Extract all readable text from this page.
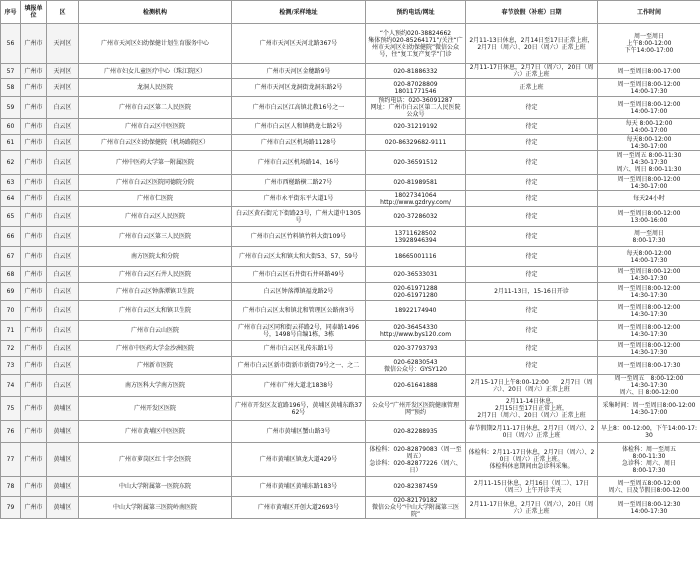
序号	填报单位	区	检测机构	检测/采样地址	预约电话/网址	春节放假（补班）日期	工作时间
56	广州市	天河区	广州市天河区妇幼保健计划生育服务中心	广州市天河区天河北路367号	“个人预约020-38824662
集体预约020-85264171”/关注“广州市天河区妇幼保健院”微信公众号，往“复工复产复学”门诊	2月11-13日休息，2月14日至17日正常上班，2月7日（周六）、20日（周六）正常上班	周一至周日
上午8:00-12:00
下午14:00-17:00
57	广州市	天河区	广州市妇女儿童医疗中心（珠江院区）	广州市天河区金穗路9号	020-81886332	2月11-17日休息，2月7日（周六），20日（周六）正常上班	周一至周日8:00-17:00
58	广州市	天河区	龙洞人民医院	广州市天河区龙洞街龙洞东路2号	020-87028809
18011771546	正常上班	周一至周日8:00-12:00
14:00-17:30
59	广州市	白云区	广州市白云区第二人民医院	广州市白云区江高镇北教16号之一	预约电话：020-36091287
网址：广州市白云区第二人民医院公众号	待定	周一至周日8:00-12:00
14:00-17:00
60	广州市	白云区	广州市白云区中医医院	广州市白云区人和镇鹤龙七路2号	020-31219192	待定	每天 8:00-12:00
14:00-17:00
61	广州市	白云区	广州市白云区妇幼保健院（机场路院区）	广州市白云区机场路1128号	020-86329682-9111	待定	每天8:00-12:00
14:30-17:00
62	广州市	白云区	广州中医药大学第一附属医院	广州市白云区机场路14、16号	020-36591512	待定	周一至周五 8:00-11:30
14:30-17:30
周六、周日 8:00-11:30
63	广州市	白云区	广州市白云区医院同德院分院	广州市西槎路横二路27号	020-81989581	待定	周一至周日8:00-12:00
14:30-17:00
64	广州市	白云区	广州市仁医院	广州市永平街东平大道1号	18027341064
http://www.gzdryy.com/	待定	每天24小时
65	广州市	白云区	广州市白云区人民医院	白云区黄石街元下街路23号，广州大道中1305号	020-37286032	待定	周一至周日8:00-12:00
13:00-16:00
66	广州市	白云区	广州市白云区第三人民医院	广州市白云区竹料镇竹料大街109号	13711628502
13928946394	待定	周一至周日
8:00-17:30
67	广州市	白云区	南方医院太和分院	广州市白云区太和镇太和大街53、57、59号	18665001116	待定	每天8:00-12:00
14:00-17:30
68	广州市	白云区	广州市白云区石井人民医院	广州市白云区石井街石井环路49号	020-36533031	待定	周一至周日8:00-12:00
14:30-17:30
69	广州市	白云区	广州市白云区钟落潭镇卫生院	白云区钟落潭镇福龙路2号	020-61971288
020-61971280	2月11-13日，15-16日开诊	周一至周日8:00-12:00
14:30-17:30
70	广州市	白云区	广州市白云区太和镇卫生院	广州市白云区太和镇北和管理区公路南3号	18922174940	待定	周一至周日8:00-12:00
14:30-17:30
71	广州市	白云区	广州市白云山医院	广州市白云区同和街云祥路2号，同泰路1496号，1498号自编1栋，3栋	020-36454330
http://www.bys120.com	待定	周一至周日8:00-12:00
14:30-17:30
72	广州市	白云区	广州市中医药大学金沙洲医院	广州市白云区礼传东路1号	020-37793793	待定	周一至周日8:00-12:00
14:30-17:30
73	广州市	白云区	广州新市医院	广州市白云区新市街新市新街79号之一、之二	020-62830543
微信公众号：GYSY120	待定	周一至周日8:00-17:30
74	广州市	白云区	南方医科大学南方医院	广州市广州大道北1838号	020-61641888	2月15-17日上午8:00-12:00　　2月7日（周六）、20日（周六）正常上班	周一至周五　8:00-12:00
14:30-17:30
周六、日 8:00-12:00
75	广州市	黄埔区	广州开发区医院	广州市开发区友谊路196号，黄埔区黄埔东路3762号	公众号“广州开发区医院健康管理网”预约	2月11-14日休息，
2月15日至17日正常上班，
2月7日（周六）、20日（周六）正常上班	采集时间：周一至周日8:00-12:00
14:30-17:00
76	广州市	黄埔区	广州市黄埔区中医医院	广州市黄埔区蟹山路3号	020-82288935	春节假期2月11-17日休息，2月7日（周六）、20日（周六）正常上班	早上8：00-12:00，下午14:00-17:30
77	广州市	黄埔区	广州市萝岗区红十字会医院	广州市黄埔区镇龙大道429号	体检科：020-82879083（周一至周五）
急诊科：020-82877226（周六、日）	体检科：2月11-17日休息，2月7日（周六）、20日（周六）正常上班。
体检科休息期间由急诊科采集。	体检科：周一至周五
8:00-11:30
急诊科：周六、周日
8:00-17:30
78	广州市	黄埔区	中山大学附属第一医院东院	广州市黄埔区黄埔东路183号	020-82387459	2月11-15日休息，2月16日（周二）、17日（周三）上午开诊半天	周一至周五8:00-12:00
周六、日及节假日8:00-12:00
79	广州市	黄埔区	中山大学附属第三医院岭南医院	广州市黄埔区开创大道2693号	020-82179182
微信公众号“中山大学附属第三医院”	2月11-17日休息，2月7日（周六），20日（周六）正常上班	周一至周日8:00-12:30
14:00-17:30
